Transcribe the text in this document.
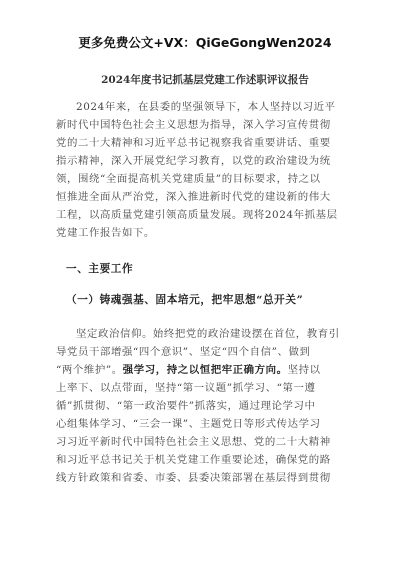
更多免费公文+VX：QiGeGongWen2024
2024年度书记抓基层党建工作述职评议报告
2024年来，在县委的坚强领导下，本人坚持以习近平
新时代中国特色社会主义思想为指导，深入学习宣传贯彻
党的二十大精神和习近平总书记视察我省重要讲话、重要
指示精神，深入开展党纪学习教育，以党的政治建设为统
领，围绕“全面提高机关党建质量”的目标要求，持之以
恒推进全面从严治党，深入推进新时代党的建设新的伟大
工程，以高质量党建引领高质量发展。现将2024年抓基层
党建工作报告如下。
一、主要工作
（一）铸魂强基、固本培元，把牢思想“总开关”
坚定政治信仰。始终把党的政治建设摆在首位，教育引
导党员干部增强“四个意识”、坚定“四个自信”、做到
“两个维护”。强学习，持之以恒把牢正确方向。坚持以
上率下、以点带面，坚持“第一议题”抓学习、“第一遵
循”抓贯彻、“第一政治要件”抓落实，通过理论学习中
心组集体学习、“三会一课”、主题党日等形式传达学习
习习近平新时代中国特色社会主义思想、党的二十大精神
和习近平总书记关于机关党建工作重要论述，确保党的路
线方针政策和省委、市委、县委决策部署在基层得到贯彻
